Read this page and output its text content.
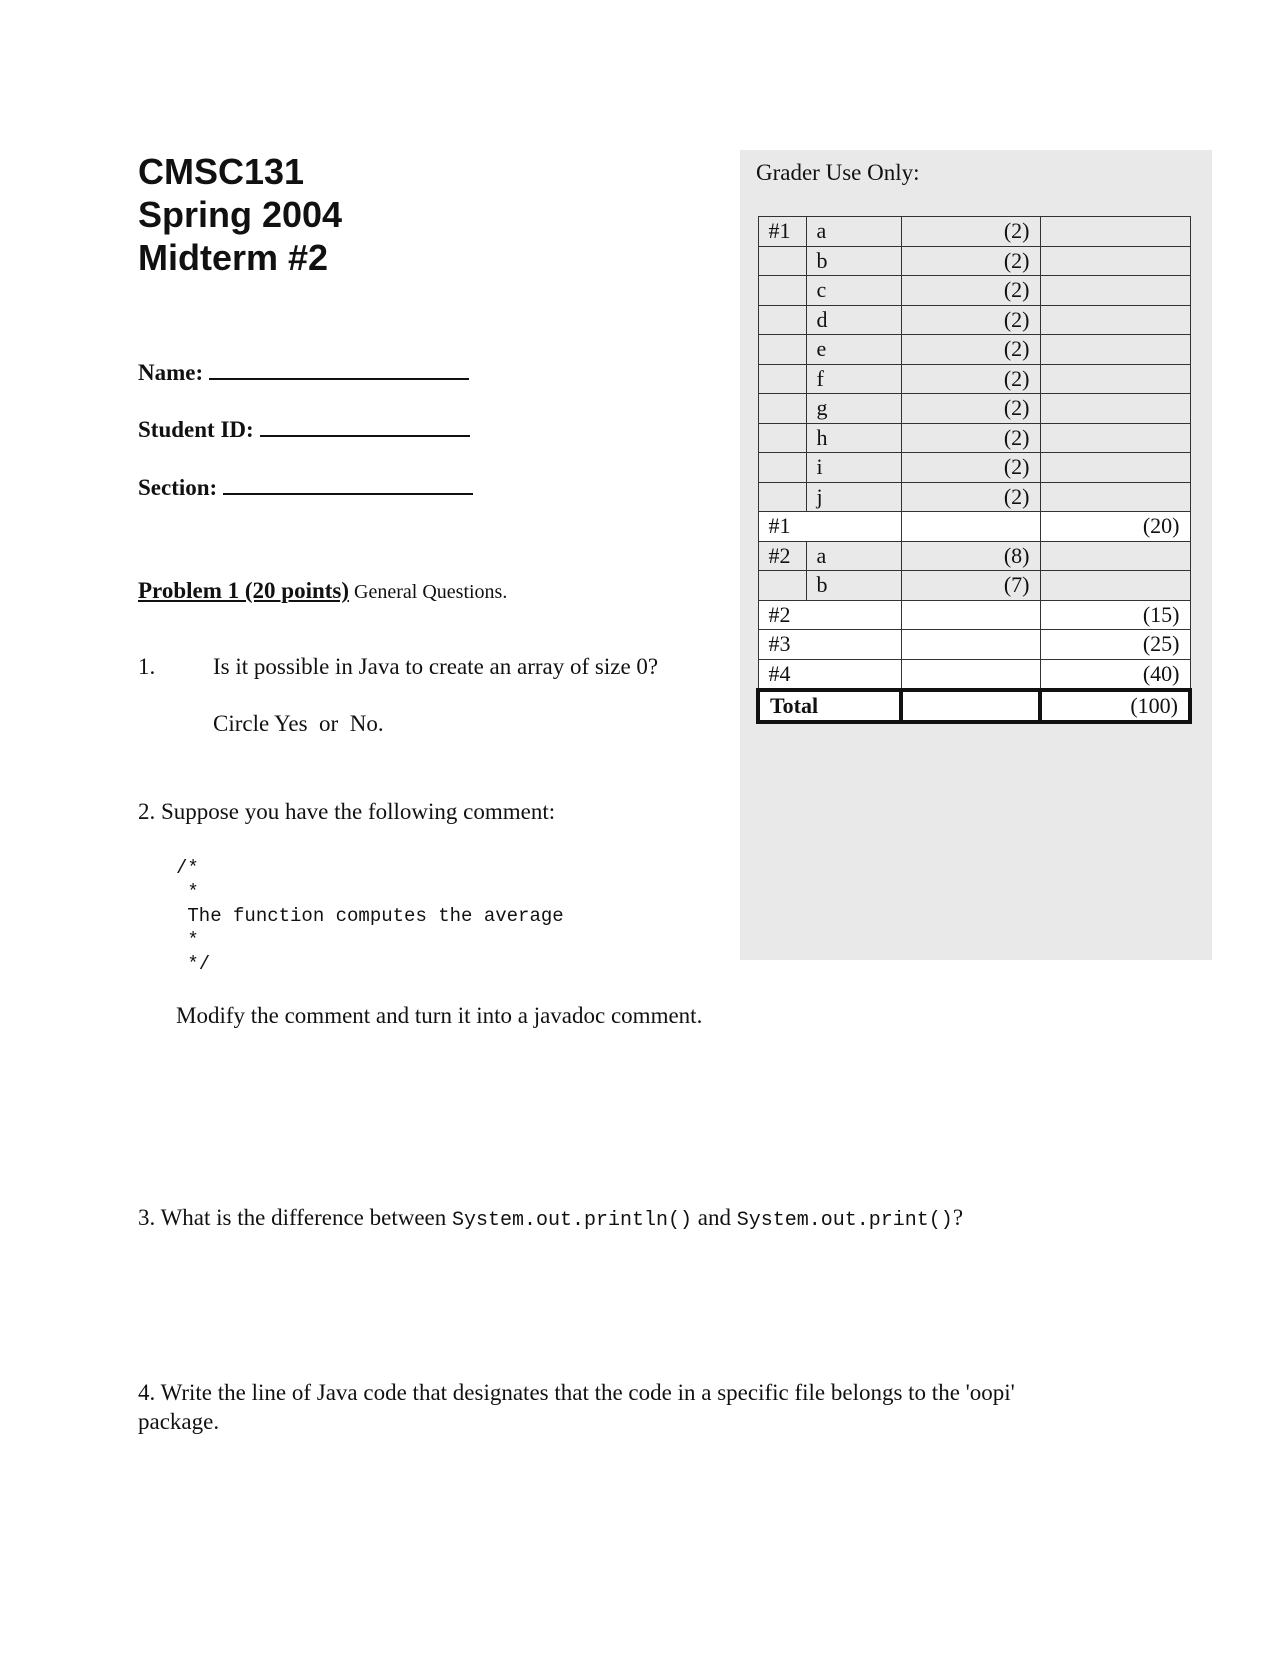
CMSC131
Spring 2004
Midterm #2
Name:
Student ID:
Section:
Grader Use Only:
#1	a	(2)	
	b	(2)	
	c	(2)	
	d	(2)	
	e	(2)	
	f	(2)	
	g	(2)	
	h	(2)	
	i	(2)	
	j	(2)	
#1			(20)
#2	a	(8)	
	b	(7)	
#2			(15)
#3			(25)
#4			(40)
Total			(100)
Problem 1 (20 points) General Questions.
1.	Is it possible in Java to create an array of size 0?
Circle Yes  or  No.
2. Suppose you have the following comment:
/*
*
The function computes the average
*
*/
Modify the comment and turn it into a javadoc comment.
3. What is the difference between System.out.println() and System.out.print()?
4. Write the line of Java code that designates that the code in a specific file belongs to the 'oopi'
package.
